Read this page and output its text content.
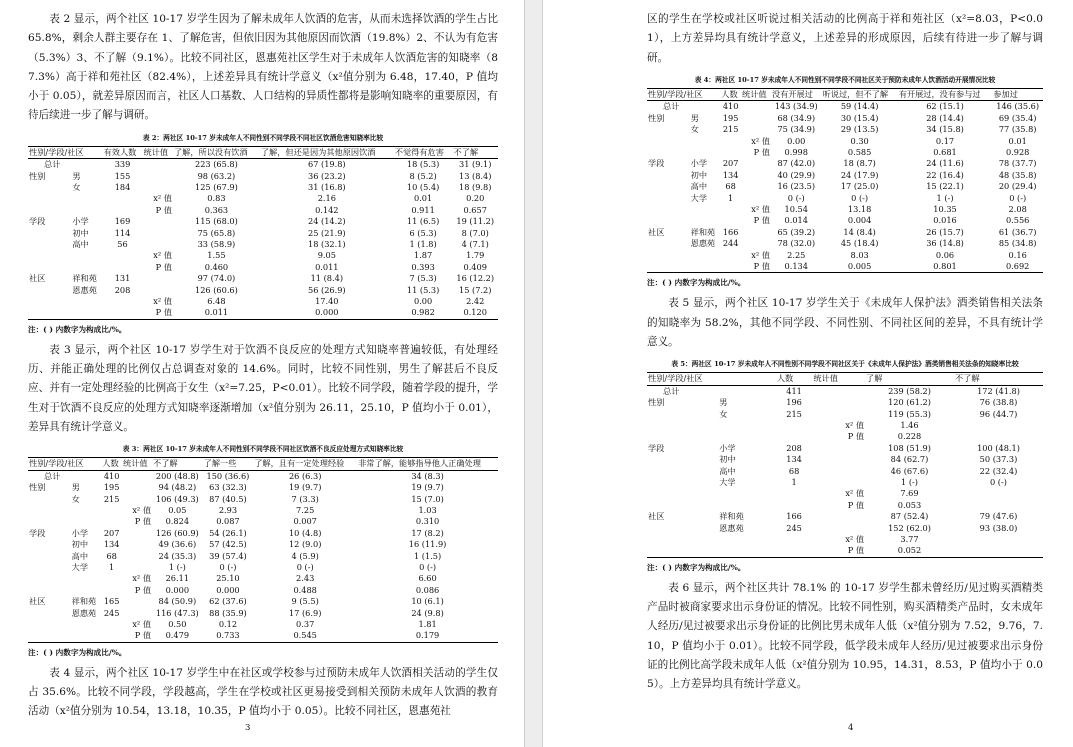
表 2 显示，两个社区 10-17 岁学生因为了解未成年人饮酒的危害，从而未选择饮酒的学生占比 65.8%，剩余人群主要存在 1、了解危害，但依旧因为其他原因而饮酒（19.8%）2、不认为有危害（5.3%）3、不了解（9.1%）。比较不同社区，恩惠苑社区学生对于未成年人饮酒危害的知晓率（87.3%）高于祥和苑社区（82.4%），上述差异具有统计学意义（x²值分别为 6.48，17.40，P 值均小于 0.05），就差异原因而言，社区人口基数、人口结构的异质性都将是影响知晓率的重要原因，有待后续进一步了解与调研。

表 2：两社区 10-17 岁未成年人不同性别不同学段不同社区饮酒危害知晓率比较
性别/学段/社区		有效人数	统计值	了解，所以没有饮酒	了解，但还是因为其他原因饮酒	不觉得有危害	不了解
总计		339		223 (65.8)	67 (19.8)	18 (5.3)	31 (9.1)
性别	男	155		98 (63.2)	36 (23.2)	8 (5.2)	13 (8.4)
	女	184		125 (67.9)	31 (16.8)	10 (5.4)	18 (9.8)
			x² 值	0.83	2.16	0.01	0.20
			P 值	0.363	0.142	0.911	0.657
学段	小学	169		115 (68.0)	24 (14.2)	11 (6.5)	19 (11.2)
	初中	114		75 (65.8)	25 (21.9)	6 (5.3)	8 (7.0)
	高中	56		33 (58.9)	18 (32.1)	1 (1.8)	4 (7.1)
			x² 值	1.55	9.05	1.87	1.79
			P 值	0.460	0.011	0.393	0.409
社区	祥和苑	131		97 (74.0)	11 (8.4)	7 (5.3)	16 (12.2)
	恩惠苑	208		126 (60.6)	56 (26.9)	11 (5.3)	15 (7.2)
			x² 值	6.48	17.40	0.00	2.42
			P 值	0.011	0.000	0.982	0.120
注：( ) 内数字为构成比/%。

表 3 显示，两个社区 10-17 岁学生对于饮酒不良反应的处理方式知晓率普遍较低，有处理经历、并能正确处理的比例仅占总调查对象的 14.6%。同时，比较不同性别，男生了解甚后不良反应、并有一定处理经验的比例高于女生（x²=7.25，P<0.01）。比较不同学段，随着学段的提升，学生对于饮酒不良反应的处理方式知晓率逐渐增加（x²值分别为 26.11，25.10，P 值均小于 0.01），差异具有统计学意义。

表 3：两社区 10-17 岁未成年人不同性别不同学段不同社区饮酒不良反应处理方式知晓率比较
性别/学段/社区		人数	统计值	不了解	了解一些	了解，且有一定处理经验	非常了解，能够指导他人正确处理
总计		410		200 (48.8)	150 (36.6)	26 (6.3)	34 (8.3)
性别	男	195		94 (48.2)	63 (32.3)	19 (9.7)	19 (9.7)
	女	215		106 (49.3)	87 (40.5)	7 (3.3)	15 (7.0)
			x² 值	0.05	2.93	7.25	1.03
			P 值	0.824	0.087	0.007	0.310
学段	小学	207		126 (60.9)	54 (26.1)	10 (4.8)	17 (8.2)
	初中	134		49 (36.6)	57 (42.5)	12 (9.0)	16 (11.9)
	高中	68		24 (35.3)	39 (57.4)	4 (5.9)	1 (1.5)
	大学	1		1 (-)	0 (-)	0 (-)	0 (-)
			x² 值	26.11	25.10	2.43	6.60
			P 值	0.000	0.000	0.488	0.086
社区	祥和苑	165		84 (50.9)	62 (37.6)	9 (5.5)	10 (6.1)
	恩惠苑	245		116 (47.3)	88 (35.9)	17 (6.9)	24 (9.8)
			x² 值	0.50	0.12	0.37	1.81
			P 值	0.479	0.733	0.545	0.179
注：( ) 内数字为构成比/%。

表 4 显示，两个社区 10-17 岁学生中在社区或学校参与过预防未成年人饮酒相关活动的学生仅占 35.6%。比较不同学段，学段越高，学生在学校或社区更易接受到相关预防未成年人饮酒的教育活动（x²值分别为 10.54，13.18，10.35，P 值均小于 0.05）。比较不同社区，恩惠苑社

3

区的学生在学校或社区听说过相关活动的比例高于祥和苑社区（x²=8.03，P<0.01），上方差异均具有统计学意义，上述差异的形成原因，后续有待进一步了解与调研。

表 4：两社区 10-17 岁未成年人不同性别不同学段不同社区关于预防未成年人饮酒活动开展情况比较
性别/学段/社区		人数	统计值	没有开展过	听说过，但不了解	有开展过，没有参与过	参加过
总计		410		143 (34.9)	59 (14.4)	62 (15.1)	146 (35.6)
性别	男	195		68 (34.9)	30 (15.4)	28 (14.4)	69 (35.4)
	女	215		75 (34.9)	29 (13.5)	34 (15.8)	77 (35.8)
			x² 值	0.00	0.30	0.17	0.01
			P 值	0.998	0.585	0.681	0.928
学段	小学	207		87 (42.0)	18 (8.7)	24 (11.6)	78 (37.7)
	初中	134		40 (29.9)	24 (17.9)	22 (16.4)	48 (35.8)
	高中	68		16 (23.5)	17 (25.0)	15 (22.1)	20 (29.4)
	大学	1		0 (-)	0 (-)	1 (-)	0 (-)
			x² 值	10.54	13.18	10.35	2.08
			P 值	0.014	0.004	0.016	0.556
社区	祥和苑	166		65 (39.2)	14 (8.4)	26 (15.7)	61 (36.7)
	恩惠苑	244		78 (32.0)	45 (18.4)	36 (14.8)	85 (34.8)
			x² 值	2.25	8.03	0.06	0.16
			P 值	0.134	0.005	0.801	0.692
注：( ) 内数字为构成比/%。

表 5 显示，两个社区 10-17 岁学生关于《未成年人保护法》酒类销售相关法条的知晓率为 58.2%，其他不同学段、不同性别、不同社区间的差异，不具有统计学意义。

表 5：两社区 10-17 岁未成年人不同性别不同学段不同社区关于《未成年人保护法》酒类销售相关法条的知晓率比较
性别/学段/社区		人数	统计值	了解	不了解
总计		411		239 (58.2)	172 (41.8)
性别	男	196		120 (61.2)	76 (38.8)
	女	215		119 (55.3)	96 (44.7)
			x² 值	1.46	
			P 值	0.228	
学段	小学	208		108 (51.9)	100 (48.1)
	初中	134		84 (62.7)	50 (37.3)
	高中	68		46 (67.6)	22 (32.4)
	大学	1		1 (-)	0 (-)
			x² 值	7.69	
			P 值	0.053	
社区	祥和苑	166		87 (52.4)	79 (47.6)
	恩惠苑	245		152 (62.0)	93 (38.0)
			x² 值	3.77	
			P 值	0.052	
注：( ) 内数字为构成比/%。

表 6 显示，两个社区共计 78.1% 的 10-17 岁学生都未曾经历/见过购买酒精类产品时被商家要求出示身份证的情况。比较不同性别，购买酒精类产品时，女未成年人经历/见过被要求出示身份证的比例比男未成年人低（x²值分别为 7.52，9.76，7.10，P 值均小于 0.01）。比较不同学段，低学段未成年人经历/见过被要求出示身份证的比例比高学段未成年人低（x²值分别为 10.95，14.31，8.53，P 值均小于 0.05）。上方差异均具有统计学意义。

4
